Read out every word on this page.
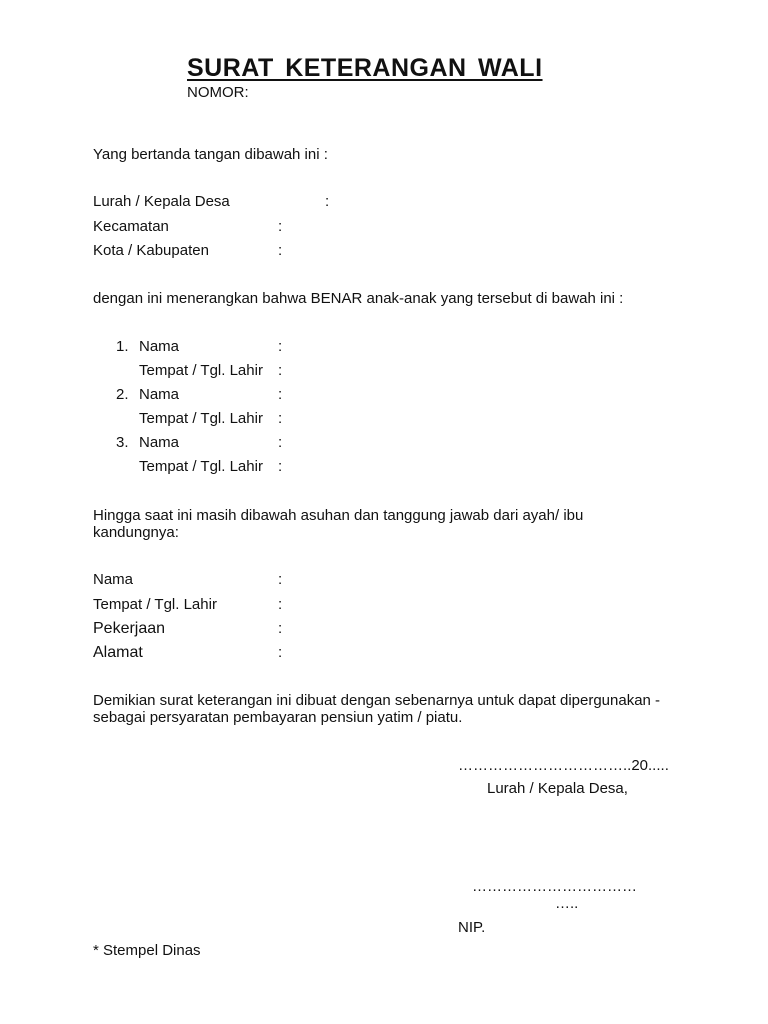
SURAT KETERANGAN WALI
NOMOR:
Yang bertanda tangan dibawah ini :
Lurah / Kepala Desa	:
Kecamatan	:
Kota / Kabupaten	:
dengan ini menerangkan bahwa BENAR anak-anak yang tersebut di bawah ini :
1. Nama	:
Tempat / Tgl. Lahir :
2. Nama	:
Tempat / Tgl. Lahir :
3. Nama	:
Tempat / Tgl. Lahir :
Hingga saat ini masih dibawah asuhan dan tanggung jawab dari ayah/ ibu kandungnya:
Nama	:
Tempat / Tgl. Lahir	:
Pekerjaan	:
Alamat	:
Demikian surat keterangan ini dibuat dengan sebenarnya untuk dapat dipergunakan - sebagai persyaratan pembayaran pensiun yatim / piatu.
……………………………..20.....
Lurah / Kepala Desa,
……………………………
…..
NIP.
* Stempel Dinas
